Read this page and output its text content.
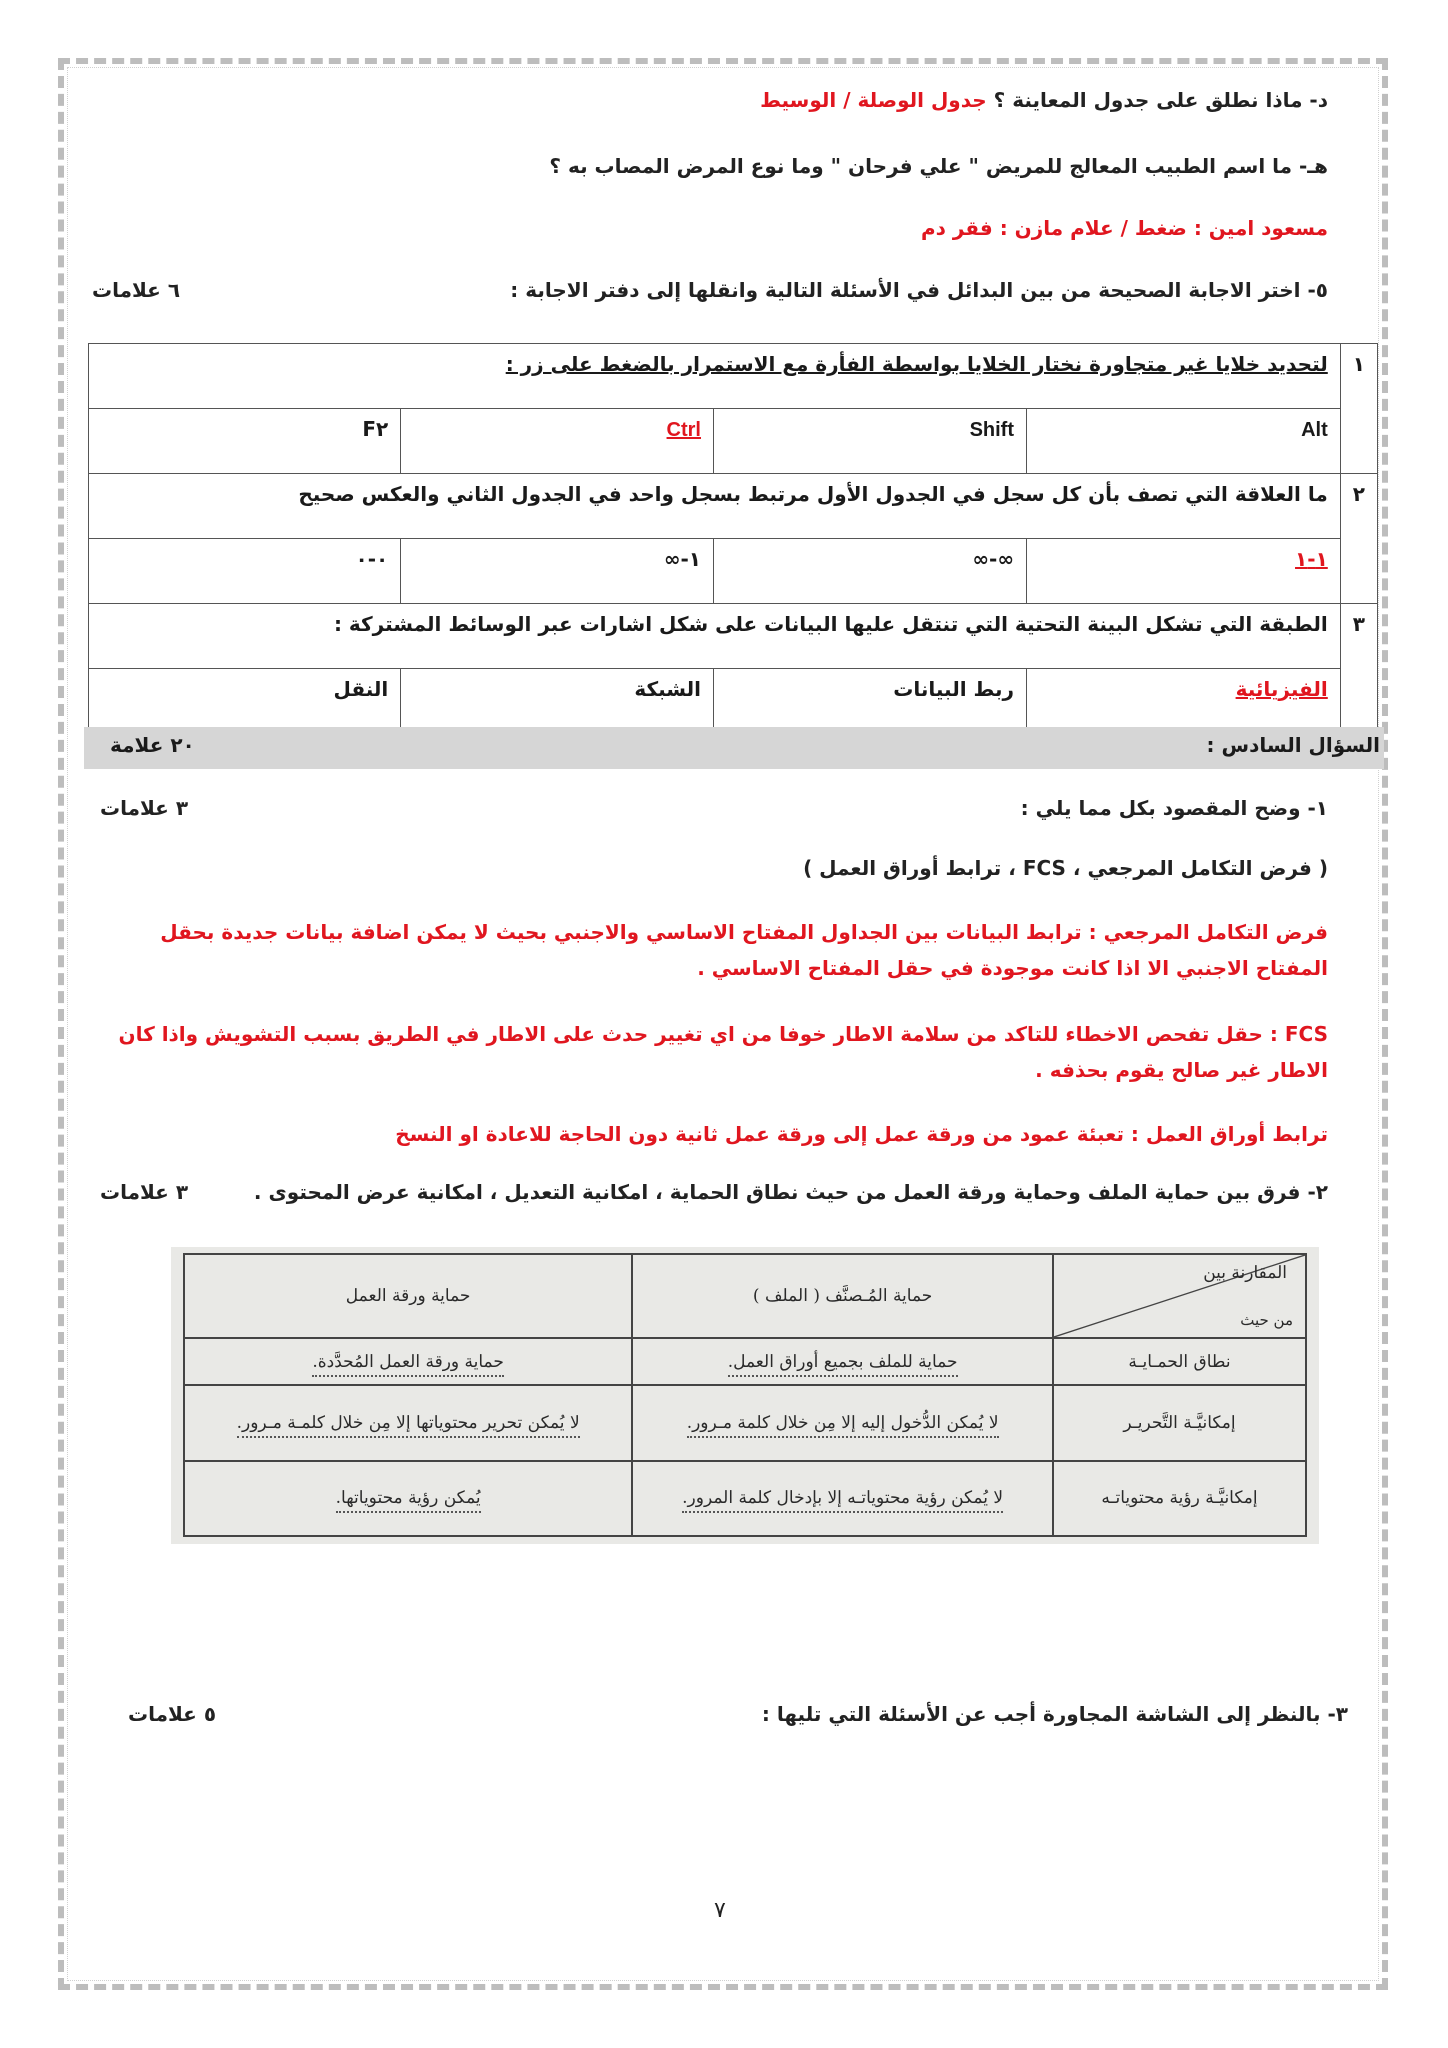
د- ماذا نطلق على جدول المعاينة ؟ جدول الوصلة / الوسيط
هـ- ما اسم الطبيب المعالج للمريض " علي فرحان " وما نوع المرض المصاب به ؟
مسعود امين : ضغط / علام مازن : فقر دم
٥- اختر الاجابة الصحيحة من بين البدائل في الأسئلة التالية وانقلها إلى دفتر الاجابة :
٦ علامات
١	لتحديد خلايا غير متجاورة نختار الخلايا بواسطة الفأرة مع الاستمرار بالضغط على زر :			
	Alt	Shift	Ctrl	F٢
٢	ما العلاقة التي تصف بأن كل سجل في الجدول الأول مرتبط بسجل واحد في الجدول الثاني والعكس صحيح			
	١-١	∞-∞	١-∞	٠-٠
٣	الطبقة التي تشكل البينة التحتية التي تنتقل عليها البيانات على شكل اشارات عبر الوسائط المشتركة :			
	الفيزيائية	ربط البيانات	الشبكة	النقل
السؤال السادس :
٢٠ علامة
١- وضح المقصود بكل مما يلي :
٣ علامات
( فرض التكامل المرجعي ، FCS ، ترابط أوراق العمل )
فرض التكامل المرجعي : ترابط البيانات بين الجداول المفتاح الاساسي والاجنبي بحيث لا يمكن اضافة بيانات جديدة بحقل المفتاح الاجنبي الا اذا كانت موجودة في حقل المفتاح الاساسي .
FCS : حقل تفحص الاخطاء للتاكد من سلامة الاطار خوفا من اي تغيير حدث على الاطار في الطريق بسبب التشويش واذا كان الاطار غير صالح يقوم بحذفه .
ترابط أوراق العمل : تعبئة عمود من ورقة عمل إلى ورقة عمل ثانية دون الحاجة للاعادة او النسخ
٢- فرق بين حماية الملف وحماية ورقة العمل من حيث نطاق الحماية ، امكانية التعديل ، امكانية عرض المحتوى .
٣ علامات
المقارنة بين
من حيث	حماية المُـصنَّف ( الملف )	حماية ورقة العمل
نطاق الحمـايـة	حماية للملف بجميع أوراق العمل.	حماية ورقة العمل المُحدَّدة.
إمكانيَّـة التَّحريـر	لا يُمكن الدُّخول إليه إلا مِن خلال كلمة مـرور.	لا يُمكن تحرير محتوياتها إلا مِن خلال كلمـة مـرور.
إمكانيَّـة رؤية محتوياتـه	لا يُمكن رؤية محتوياتـه إلا بإدخال كلمة المرور.	يُمكن رؤية محتوياتها.
٣- بالنظر إلى الشاشة المجاورة أجب عن الأسئلة التي تليها :
٥ علامات
٧
